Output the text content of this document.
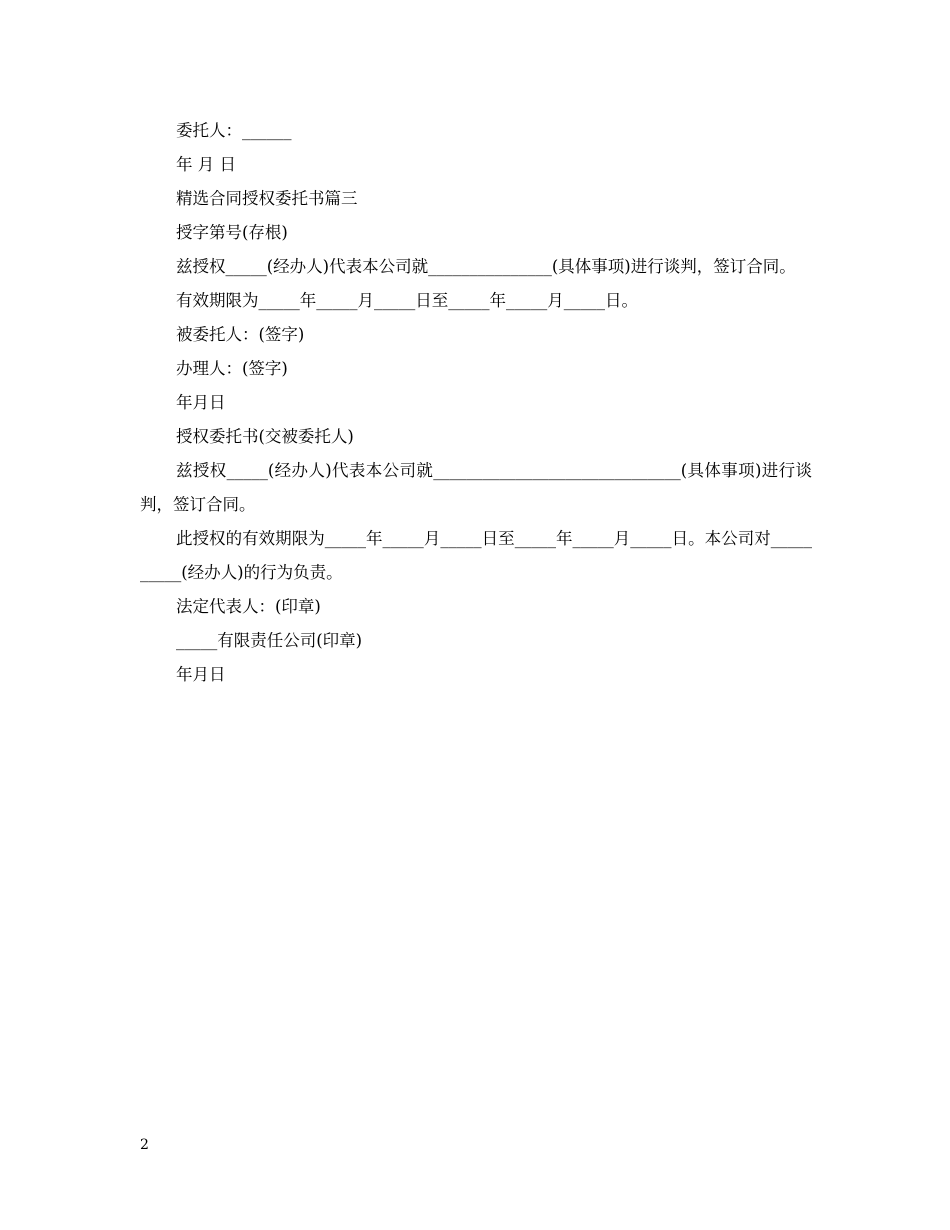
委托人：______

年 月 日

精选合同授权委托书篇三

授字第号(存根)

兹授权_____(经办人)代表本公司就_______________(具体事项)进行谈判，签订合同。

有效期限为_____年_____月_____日至_____年_____月_____日。

被委托人：(签字)

办理人：(签字)

年月日

授权委托书(交被委托人)

兹授权_____(经办人)代表本公司就______________________________(具体事项)进行谈判，签订合同。

此授权的有效期限为_____年_____月_____日至_____年_____月_____日。本公司对__________(经办人)的行为负责。

法定代表人：(印章)

_____有限责任公司(印章)

年月日

2
